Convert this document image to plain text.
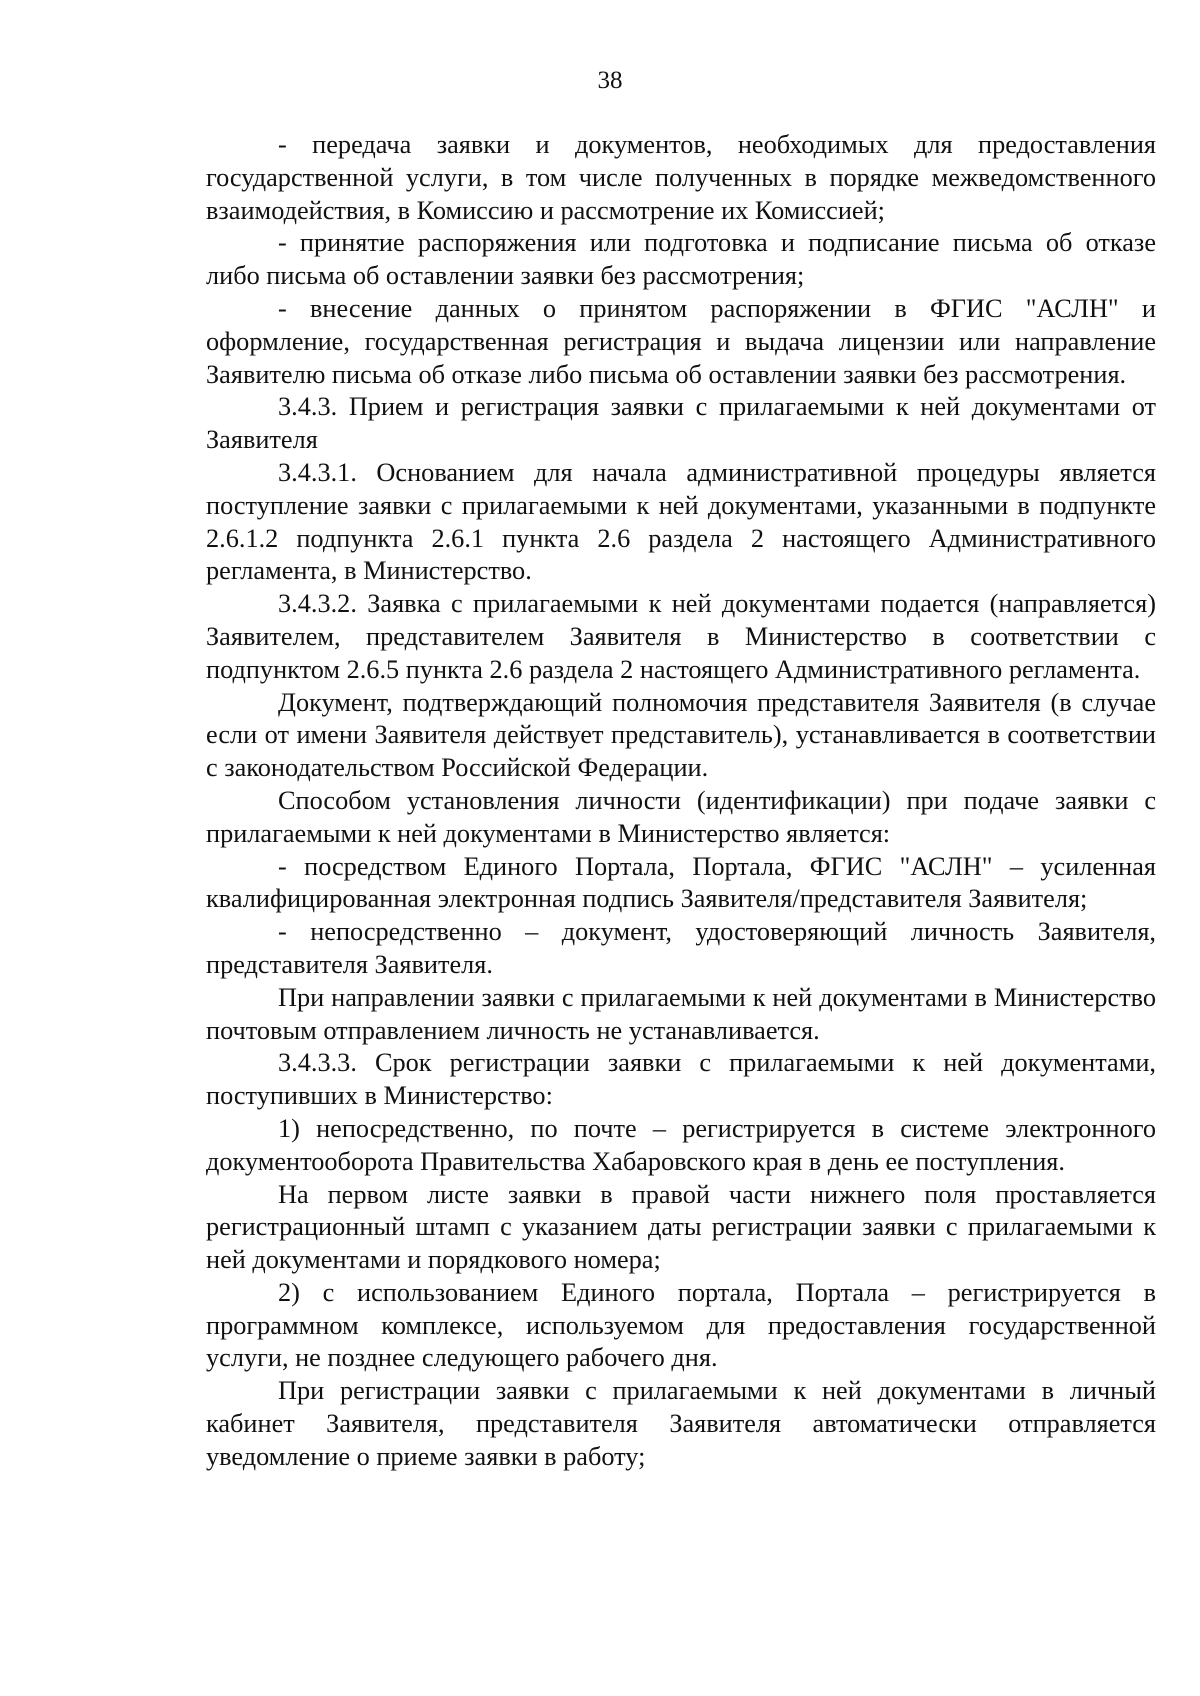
38

- передача заявки и документов, необходимых для предоставления государственной услуги, в том числе полученных в порядке межведомственного взаимодействия, в Комиссию и рассмотрение их Комиссией;

- принятие распоряжения или подготовка и подписание письма об отказе либо письма об оставлении заявки без рассмотрения;

- внесение данных о принятом распоряжении в ФГИС "АСЛН" и оформление, государственная регистрация и выдача лицензии или направление Заявителю письма об отказе либо письма об оставлении заявки без рассмотрения.

3.4.3. Прием и регистрация заявки с прилагаемыми к ней документами от Заявителя

3.4.3.1. Основанием для начала административной процедуры является поступление заявки с прилагаемыми к ней документами, указанными в подпункте 2.6.1.2 подпункта 2.6.1 пункта 2.6 раздела 2 настоящего Административного регламента, в Министерство.

3.4.3.2. Заявка с прилагаемыми к ней документами подается (направляется) Заявителем, представителем Заявителя в Министерство в соответствии с подпунктом 2.6.5 пункта 2.6 раздела 2 настоящего Административного регламента.

Документ, подтверждающий полномочия представителя Заявителя (в случае если от имени Заявителя действует представитель), устанавливается в соответствии с законодательством Российской Федерации.

Способом установления личности (идентификации) при подаче заявки с прилагаемыми к ней документами в Министерство является:

- посредством Единого Портала, Портала, ФГИС "АСЛН" – усиленная квалифицированная электронная подпись Заявителя/представителя Заявителя;

- непосредственно – документ, удостоверяющий личность Заявителя, представителя Заявителя.

При направлении заявки с прилагаемыми к ней документами в Министерство почтовым отправлением личность не устанавливается.

3.4.3.3. Срок регистрации заявки с прилагаемыми к ней документами, поступивших в Министерство:

1) непосредственно, по почте – регистрируется в системе электронного документооборота Правительства Хабаровского края в день ее поступления.

На первом листе заявки в правой части нижнего поля проставляется регистрационный штамп с указанием даты регистрации заявки с прилагаемыми к ней документами и порядкового номера;

2) с использованием Единого портала, Портала – регистрируется в программном комплексе, используемом для предоставления государственной услуги, не позднее следующего рабочего дня.

При регистрации заявки с прилагаемыми к ней документами в личный кабинет Заявителя, представителя Заявителя автоматически отправляется уведомление о приеме заявки в работу;
